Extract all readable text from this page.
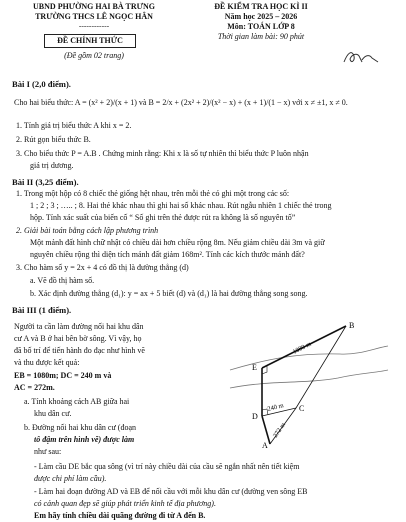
UBND PHƯỜNG HAI BÀ TRƯNG
TRƯỜNG THCS LÊ NGỌC HÂN
------------
ĐỀ CHÍNH THỨC
(Đề gồm 02 trang)
ĐỀ KIỂM TRA HỌC KÌ II
Năm học 2025 – 2026
Môn: TOÁN LỚP 8
Thời gian làm bài: 90 phút
Bài I (2,0 điểm).
Cho hai biểu thức: A = (x² + 2)/(x + 1) và B = 2/x + (2x² + 2)/(x² − x) + (x + 1)/(1 − x) với x ≠ ±1, x ≠ 0.
1. Tính giá trị biểu thức A khi x = 2.
2. Rút gọn biểu thức B.
3. Cho biểu thức P = A.B . Chứng minh rằng: Khi x là số tự nhiên thì biểu thức P luôn nhận
giá trị dương.
Bài II (3,25 điểm).
1. Trong một hộp có 8 chiếc thẻ giống hệt nhau, trên mỗi thẻ có ghi một trong các số:
1 ; 2 ; 3 ; ….. ; 8. Hai thẻ khác nhau thì ghi hai số khác nhau. Rút ngẫu nhiên 1 chiếc thẻ trong
hộp. Tính xác suất của biến cố “ Số ghi trên thẻ được rút ra không là số nguyên tố”
2. Giải bài toán bằng cách lập phương trình
Một mảnh đất hình chữ nhật có chiều dài hơn chiều rộng 8m. Nếu giảm chiều dài 3m và giữ
nguyên chiều rộng thì diện tích mảnh đất giảm 168m². Tính các kích thước mảnh đất?
3. Cho hàm số y = 2x + 4 có đồ thị là đường thẳng (d)
a. Vẽ đồ thị hàm số.
b. Xác định đường thẳng (d₁): y = ax + 5 biết (d) và (d₁) là hai đường thẳng song song.
Bài III (1 điểm).
Người ta cần làm đường nối hai khu dân
cư A và B ở hai bên bờ sông. Vì vậy, họ
đã bố trí để tiến hành đo đạc như hình vẽ
và thu được kết quả:
EB = 1080m; DC = 240 m và
AC = 272m.
a. Tính khoảng cách AB giữa hai
khu dân cư.
b. Đường nối hai khu dân cư (đoạn
tô đậm trên hình vẽ) được làm
như sau:
- Làm cầu DE bắc qua sông (vì trí này chiều dài của cầu sẽ ngắn nhất nên tiết kiệm
được chi phí làm cầu).
- Làm hai đoạn đường AD và EB để nối cầu với mỗi khu dân cư (đường ven sông EB
có cảnh quan đẹp sẽ giúp phát triển kinh tế địa phương).
Em hãy tính chiều dài quãng đường đi từ A đến B.
B
E
D
C
A
1080 m
240 m
272 m
